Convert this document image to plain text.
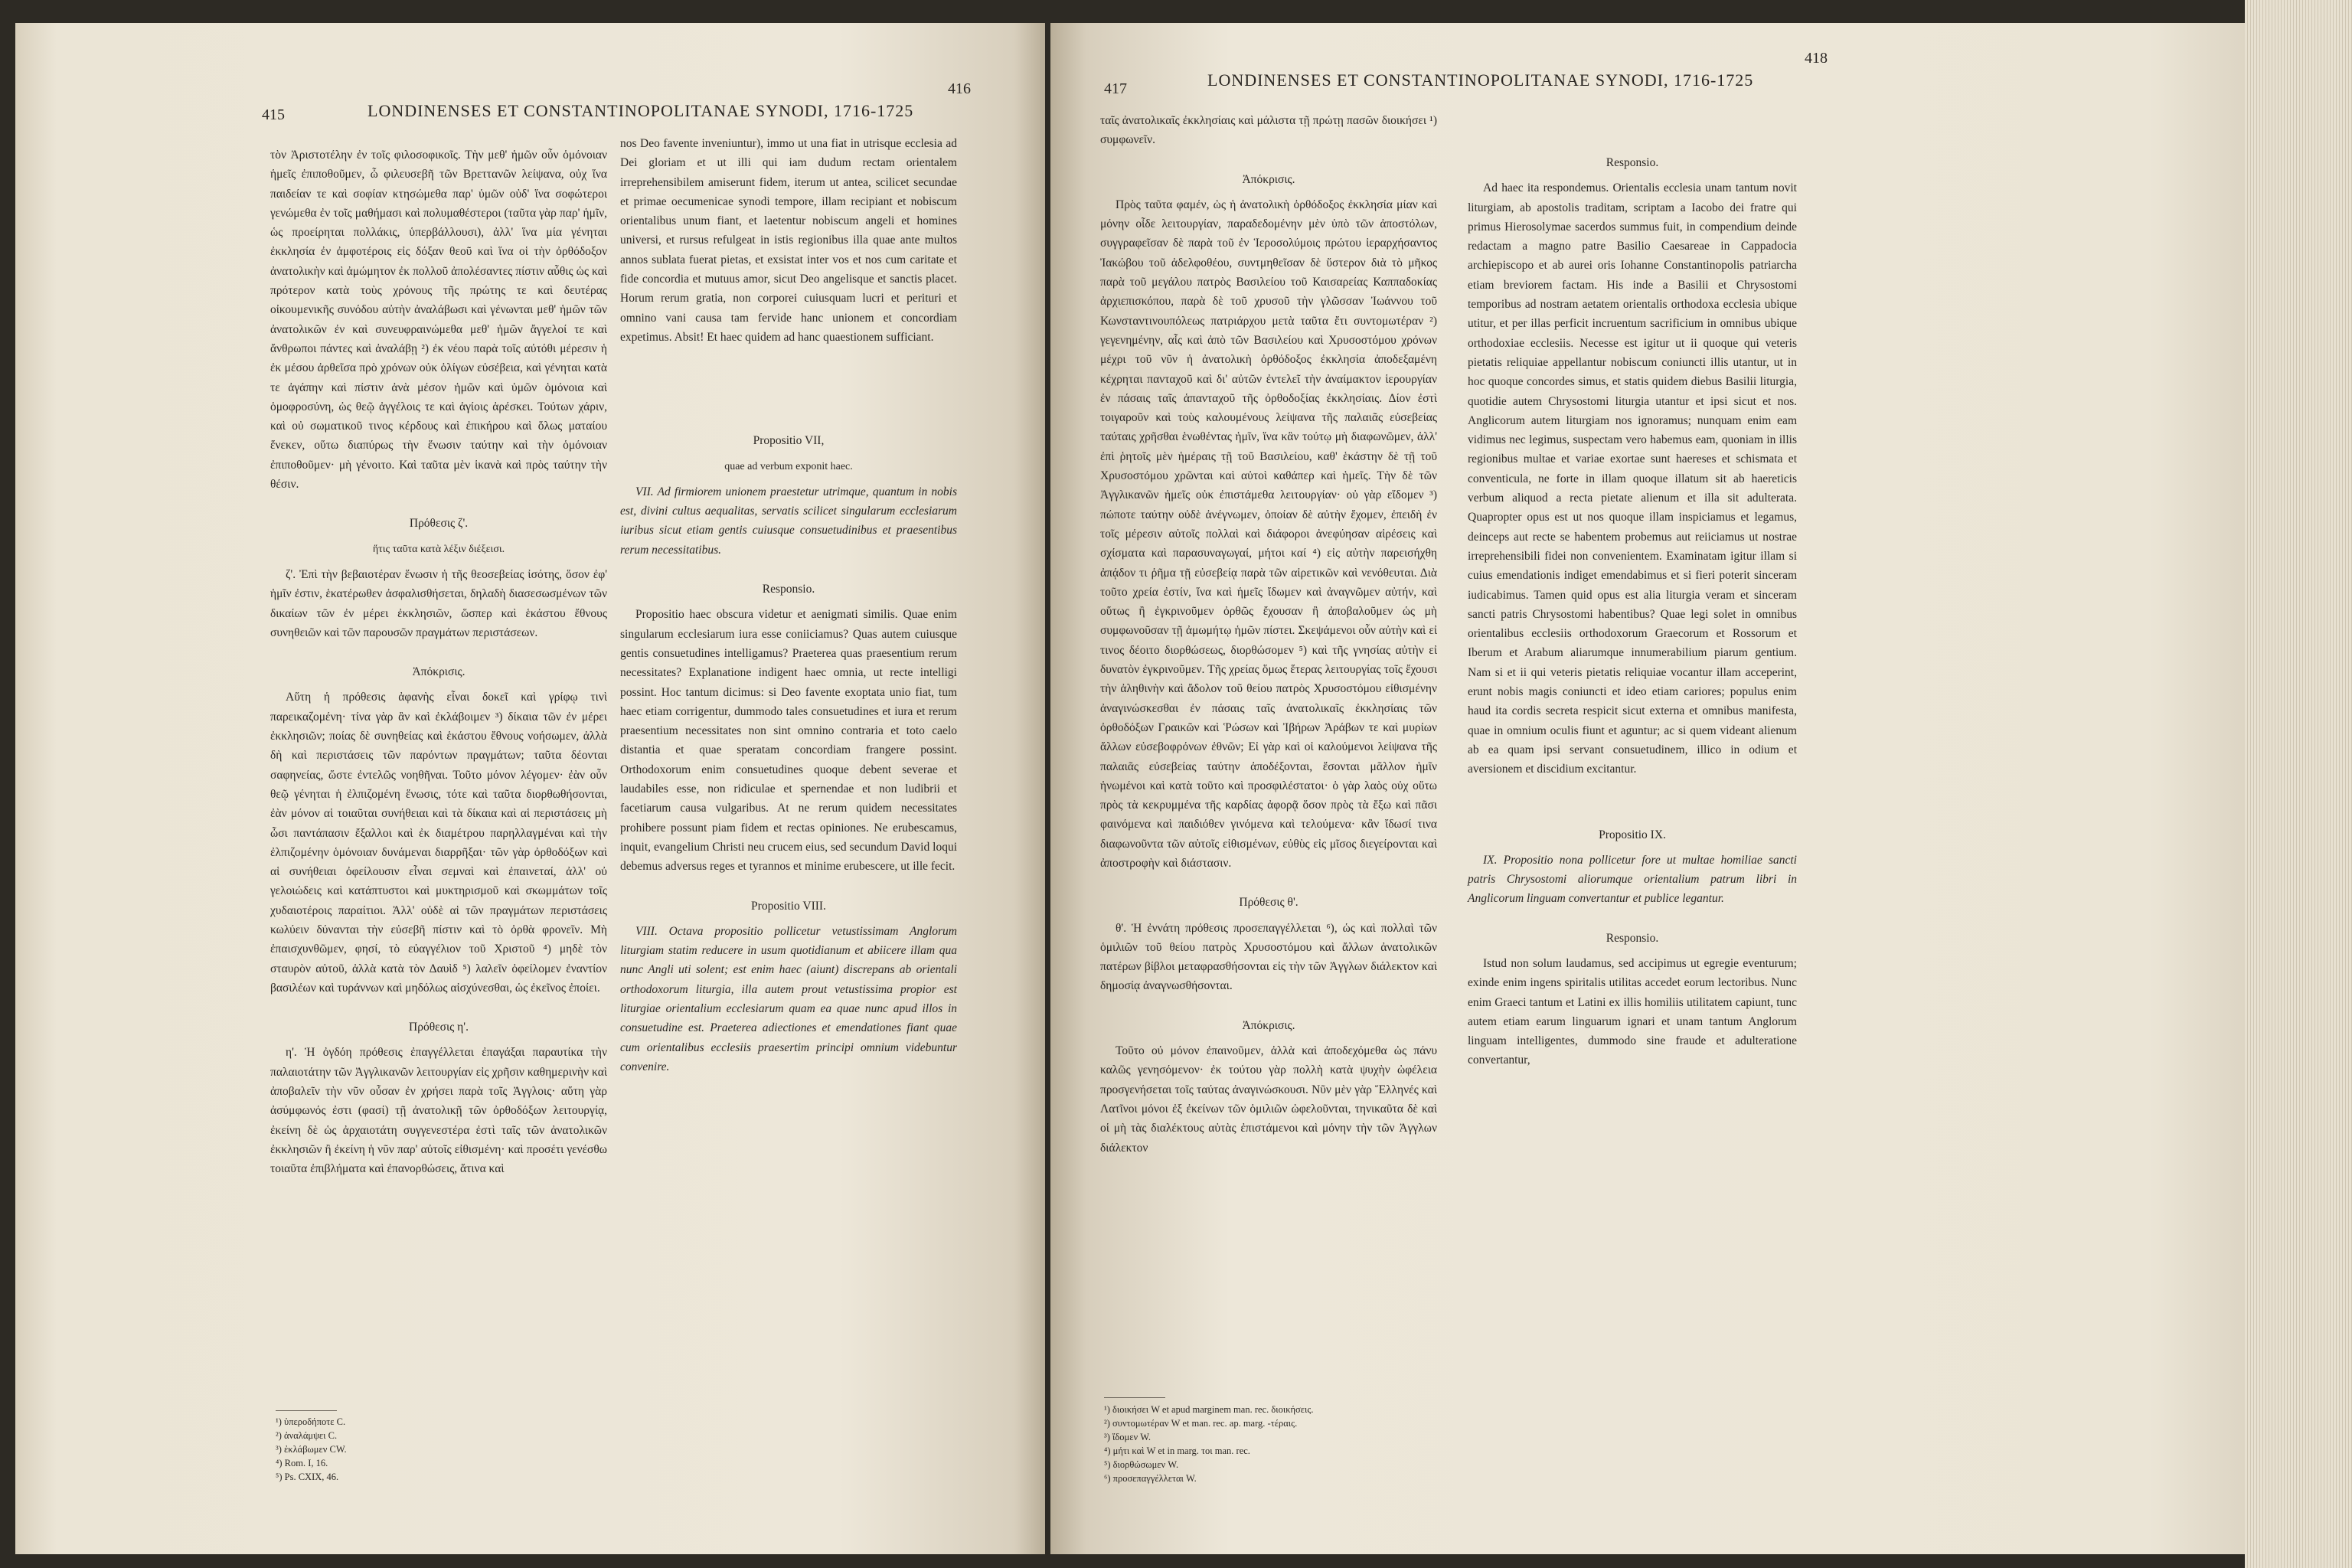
415	LONDINENSES ET CONSTANTINOPOLITANAE SYNODI, 1716-1725
416

τὸν Ἀριστοτέλην ἐν τοῖς φιλοσοφικοῖς. Τὴν μεθ' ἡμῶν οὖν ὁμόνοιαν ἡμεῖς ἐπιποθοῦμεν, ὦ φιλευσεβῆ τῶν Βρεττανῶν λείψανα, οὐχ ἵνα παιδείαν τε καὶ σοφίαν κτησώμεθα παρ' ὑμῶν οὐδ' ἵνα σοφώτεροι γενώμεθα ἐν τοῖς μαθήμασι καὶ πολυμαθέστεροι (ταῦτα γὰρ παρ' ἡμῖν, ὡς προείρηται πολλάκις, ὑπερβάλλουσι), ἀλλ' ἵνα μία γένηται ἐκκλησία ἐν ἀμφοτέροις εἰς δόξαν θεοῦ καὶ ἵνα οἱ τὴν ὀρθόδοξον ἀνατολικὴν καὶ ἀμώμητον ἐκ πολλοῦ ἀπολέσαντες πίστιν αὖθις ὡς καὶ πρότερον κατὰ τοὺς χρόνους τῆς πρώτης τε καὶ δευτέρας οἰκουμενικῆς συνόδου αὐτὴν ἀναλάβωσι καὶ γένωνται μεθ' ἡμῶν τῶν ἀνατολικῶν ἐν καὶ συνευφραινώμεθα μεθ' ἡμῶν ἄγγελοί τε καὶ ἄνθρωποι πάντες καὶ ἀναλάβῃ ²) ἐκ νέου παρὰ τοῖς αὐτόθι μέρεσιν ἡ ἐκ μέσου ἀρθεῖσα πρὸ χρόνων οὐκ ὀλίγων εὐσέβεια, καὶ γένηται κατὰ τε ἀγάπην καὶ πίστιν ἀνὰ μέσον ἡμῶν καὶ ὑμῶν ὁμόνοια καὶ ὁμοφροσύνη, ὡς θεῷ ἀγγέλοις τε καὶ ἁγίοις ἀρέσκει. Τούτων χάριν, καὶ οὐ σωματικοῦ τινος κέρδους καὶ ἐπικήρου καὶ ὅλως ματαίου ἕνεκεν, οὕτω διαπύρως τὴν ἕνωσιν ταύτην καὶ τὴν ὁμόνοιαν ἐπιποθοῦμεν· μὴ γένοιτο. Καὶ ταῦτα μὲν ἱκανὰ καὶ πρὸς ταύτην τὴν θέσιν.

Πρόθεσις ζ'.
ἥτις ταῦτα κατὰ λέξιν διέξεισι.

ζ'. Ἐπὶ τὴν βεβαιοτέραν ἕνωσιν ἡ τῆς θεοσεβείας ἰσότης, ὅσον ἐφ' ἡμῖν ἐστιν, ἑκατέρωθεν ἀσφαλισθήσεται, δηλαδὴ διασεσωσμένων τῶν δικαίων τῶν ἐν μέρει ἐκκλησιῶν, ὥσπερ καὶ ἑκάστου ἔθνους συνηθειῶν καὶ τῶν παρουσῶν πραγμάτων περιστάσεων.

Ἀπόκρισις.

Αὕτη ἡ πρόθεσις ἀφανὴς εἶναι δοκεῖ καὶ γρίφῳ τινὶ παρεικαζομένη· τίνα γὰρ ἂν καὶ ἐκλάβοιμεν ³) δίκαια τῶν ἐν μέρει ἐκκλησιῶν; ποίας δὲ συνηθείας καὶ ἑκάστου ἔθνους νοήσωμεν, ἀλλὰ δὴ καὶ περιστάσεις τῶν παρόντων πραγμάτων; ταῦτα δέονται σαφηνείας, ὥστε ἐντελῶς νοηθῆναι. Τοῦτο μόνον λέγομεν· ἐὰν οὖν θεῷ γένηται ἡ ἐλπιζομένη ἕνωσις, τότε καὶ ταῦτα διορθωθήσονται, ἐὰν μόνον αἱ τοιαῦται συνήθειαι καὶ τὰ δίκαια καὶ αἱ περιστάσεις μὴ ὦσι παντάπασιν ἔξαλλοι καὶ ἐκ διαμέτρου παρηλλαγμέναι καὶ τὴν ἐλπιζομένην ὁμόνοιαν δυνάμεναι διαρρῆξαι· τῶν γὰρ ὀρθοδόξων καὶ αἱ συνήθειαι ὀφείλουσιν εἶναι σεμναὶ καὶ ἐπαινεταί, ἀλλ' οὐ γελοιώδεις καὶ κατάπτυστοι καὶ μυκτηρισμοῦ καὶ σκωμμάτων τοῖς χυδαιοτέροις παραίτιοι. Ἀλλ' οὐδὲ αἱ τῶν πραγμάτων περιστάσεις κωλύειν δύνανται τὴν εὐσεβῆ πίστιν καὶ τὸ ὀρθὰ φρονεῖν. Μὴ ἐπαισχυνθῶμεν, φησί, τὸ εὐαγγέλιον τοῦ Χριστοῦ ⁴) μηδὲ τὸν σταυρὸν αὐτοῦ, ἀλλὰ κατὰ τὸν Δαυὶδ ⁵) λαλεῖν ὀφείλομεν ἐναντίον βασιλέων καὶ τυράννων καὶ μηδόλως αἰσχύνεσθαι, ὡς ἐκεῖνος ἐποίει.

Πρόθεσις η'.

η'. Ἡ ὀγδόη πρόθεσις ἐπαγγέλλεται ἐπαγάξαι παραυτίκα τὴν παλαιοτάτην τῶν Ἀγγλικανῶν λειτουργίαν εἰς χρῆσιν καθημερινὴν καὶ ἀποβαλεῖν τὴν νῦν οὖσαν ἐν χρήσει παρὰ τοῖς Ἀγγλοις· αὕτη γὰρ ἀσύμφωνός ἐστι (φασί) τῇ ἀνατολικῇ τῶν ὀρθοδόξων λειτουργίᾳ, ἐκείνη δὲ ὡς ἀρχαιοτάτη συγγενεστέρα ἐστὶ ταῖς τῶν ἀνατολικῶν ἐκκλησιῶν ἢ ἐκείνη ἡ νῦν παρ' αὐτοῖς εἰθισμένη· καὶ προσέτι γενέσθω τοιαῦτα ἐπιβλήματα καὶ ἐπανορθώσεις, ἅτινα καὶ

nos Deo favente inveniuntur), immo ut una fiat in utrisque ecclesia ad Dei gloriam et ut illi qui iam dudum rectam orientalem irreprehensibilem amiserunt fidem, iterum ut antea, scilicet secundae et primae oecumenicae synodi tempore, illam recipiant et nobiscum orientalibus unum fiant, et laetentur nobiscum angeli et homines universi, et rursus refulgeat in istis regionibus illa quae ante multos annos sublata fuerat pietas, et exsistat inter vos et nos cum caritate et fide concordia et mutuus amor, sicut Deo angelisque et sanctis placet. Horum rerum gratia, non corporei cuiusquam lucri et perituri et omnino vani causa tam fervide hanc unionem et concordiam expetimus. Absit! Et haec quidem ad hanc quaestionem sufficiant.

Propositio VII,
quae ad verbum exponit haec.

VII. Ad firmiorem unionem praestetur utrimque, quantum in nobis est, divini cultus aequalitas, servatis scilicet singularum ecclesiarum iuribus sicut etiam gentis cuiusque consuetudinibus et praesentibus rerum necessitatibus.

Responsio.

Propositio haec obscura videtur et aenigmati similis. Quae enim singularum ecclesiarum iura esse coniiciamus? Quas autem cuiusque gentis consuetudines intelligamus? Praeterea quas praesentium rerum necessitates? Explanatione indigent haec omnia, ut recte intelligi possint. Hoc tantum dicimus: si Deo favente exoptata unio fiat, tum haec etiam corrigentur, dummodo tales consuetudines et iura et rerum praesentium necessitates non sint omnino contraria et toto caelo distantia et quae speratam concordiam frangere possint. Orthodoxorum enim consuetudines quoque debent severae et laudabiles esse, non ridiculae et spernendae et non ludibrii et facetiarum causa vulgaribus. At ne rerum quidem necessitates prohibere possunt piam fidem et rectas opiniones. Ne erubescamus, inquit, evangelium Christi neu crucem eius, sed secundum David loqui debemus adversus reges et tyrannos et minime erubescere, ut ille fecit.

Propositio VIII.

VIII. Octava propositio pollicetur vetustissimam Anglorum liturgiam statim reducere in usum quotidianum et abiicere illam qua nunc Angli uti solent; est enim haec (aiunt) discrepans ab orientali orthodoxorum liturgia, illa autem prout vetustissima propior est liturgiae orientalium ecclesiarum quam ea quae nunc apud illos in consuetudine est. Praeterea adiectiones et emendationes fiant quae cum orientalibus ecclesiis praesertim principi omnium videbuntur convenire.

¹) ὑπεροδήποτε C.
²) ἀναλάμψει C.
³) ἐκλάβωμεν CW.
⁴) Rom. I, 16.
⁵) Ps. CXIX, 46.
417	LONDINENSES ET CONSTANTINOPOLITANAE SYNODI, 1716-1725
418

ταῖς ἀνατολικαῖς ἐκκλησίαις καὶ μάλιστα τῇ πρώτῃ πασῶν διοικήσει ¹) συμφωνεῖν.

Ἀπόκρισις.

Πρὸς ταῦτα φαμέν, ὡς ἡ ἀνατολικὴ ὀρθόδοξος ἐκκλησία μίαν καὶ μόνην οἶδε λειτουργίαν, παραδεδομένην μὲν ὑπὸ τῶν ἀποστόλων, συγγραφεῖσαν δὲ παρὰ τοῦ ἐν Ἱεροσολύμοις πρώτου ἱεραρχήσαντος Ἰακώβου τοῦ ἀδελφοθέου, συντμηθεῖσαν δὲ ὕστερον διὰ τὸ μῆκος παρὰ τοῦ μεγάλου πατρὸς Βασιλείου τοῦ Καισαρείας Καππαδοκίας ἀρχιεπισκόπου, παρὰ δὲ τοῦ χρυσοῦ τὴν γλῶσσαν Ἰωάννου τοῦ Κωνσταντινουπόλεως πατριάρχου μετὰ ταῦτα ἔτι συντομωτέραν ²) γεγενημένην, αἷς καὶ ἀπὸ τῶν Βασιλείου καὶ Χρυσοστόμου χρόνων μέχρι τοῦ νῦν ἡ ἀνατολικὴ ὀρθόδοξος ἐκκλησία ἀποδεξαμένη κέχρηται πανταχοῦ καὶ δι' αὐτῶν ἐντελεῖ τὴν ἀναίμακτον ἱερουργίαν ἐν πάσαις ταῖς ἁπανταχοῦ τῆς ὀρθοδοξίας ἐκκλησίαις. Δίον ἐστὶ τοιγαροῦν καὶ τοὺς καλουμένους λείψανα τῆς παλαιᾶς εὐσεβείας ταύταις χρῆσθαι ἑνωθέντας ἡμῖν, ἵνα κἂν τούτῳ μὴ διαφωνῶμεν, ἀλλ' ἐπὶ ῥητοῖς μὲν ἡμέραις τῇ τοῦ Βασιλείου, καθ' ἑκάστην δὲ τῇ τοῦ Χρυσοστόμου χρῶνται καὶ αὐτοὶ καθάπερ καὶ ἡμεῖς. Τὴν δὲ τῶν Ἀγγλικανῶν ἡμεῖς οὐκ ἐπιστάμεθα λειτουργίαν· οὐ γὰρ εἴδομεν ³) πώποτε ταύτην οὐδὲ ἀνέγνωμεν, ὁποίαν δὲ αὐτὴν ἔχομεν, ἐπειδὴ ἐν τοῖς μέρεσιν αὐτοῖς πολλαὶ καὶ διάφοροι ἀνεφύησαν αἱρέσεις καὶ σχίσματα καὶ παρασυναγωγαί, μήτοι καί ⁴) εἰς αὐτὴν παρεισήχθη ἀπᾴδον τι ῥῆμα τῇ εὐσεβείᾳ παρὰ τῶν αἱρετικῶν καὶ νενόθευται. Διὰ τοῦτο χρεία ἐστίν, ἵνα καὶ ἡμεῖς ἴδωμεν καὶ ἀναγνῶμεν αὐτήν, καὶ οὕτως ἢ ἐγκρινοῦμεν ὀρθῶς ἔχουσαν ἢ ἀποβαλοῦμεν ὡς μὴ συμφωνοῦσαν τῇ ἀμωμήτῳ ἡμῶν πίστει. Σκεψάμενοι οὖν αὐτὴν καὶ εἰ τινος δέοιτο διορθώσεως, διορθώσομεν ⁵) καὶ τῆς γνησίας αὐτὴν εἰ δυνατὸν ἐγκρινοῦμεν. Τῆς χρείας ὅμως ἕτερας λειτουργίας τοῖς ἔχουσι τὴν ἀληθινὴν καὶ ἄδολον τοῦ θείου πατρὸς Χρυσοστόμου εἰθισμένην ἀναγινώσκεσθαι ἐν πάσαις ταῖς ἀνατολικαῖς ἐκκλησίαις τῶν ὀρθοδόξων Γραικῶν καὶ Ῥώσων καὶ Ἰβήρων Ἀράβων τε καὶ μυρίων ἄλλων εὐσεβοφρόνων ἐθνῶν; Εἰ γὰρ καὶ οἱ καλούμενοι λείψανα τῆς παλαιᾶς εὐσεβείας ταύτην ἀποδέξονται, ἔσονται μᾶλλον ἡμῖν ἡνωμένοι καὶ κατὰ τοῦτο καὶ προσφιλέστατοι· ὁ γὰρ λαὸς οὐχ οὕτω πρὸς τὰ κεκρυμμένα τῆς καρδίας ἀφορᾷ ὅσον πρὸς τὰ ἔξω καὶ πᾶσι φαινόμενα καὶ παιδιόθεν γινόμενα καὶ τελούμενα· κἂν ἴδωσί τινα διαφωνοῦντα τῶν αὐτοῖς εἰθισμένων, εὐθὺς εἰς μῖσος διεγείρονται καὶ ἀποστροφὴν καὶ διάστασιν.

Πρόθεσις θ'.

θ'. Ἡ ἐννάτη πρόθεσις προσεπαγγέλλεται ⁶), ὡς καὶ πολλαὶ τῶν ὁμιλιῶν τοῦ θείου πατρὸς Χρυσοστόμου καὶ ἄλλων ἀνατολικῶν πατέρων βίβλοι μεταφρασθήσονται εἰς τὴν τῶν Ἀγγλων διάλεκτον καὶ δημοσίᾳ ἀναγνωσθήσονται.

Ἀπόκρισις.

Τοῦτο οὐ μόνον ἐπαινοῦμεν, ἀλλὰ καὶ ἀποδεχόμεθα ὡς πάνυ καλῶς γενησόμενον· ἐκ τούτου γὰρ πολλὴ κατὰ ψυχὴν ὠφέλεια προσγενήσεται τοῖς ταύτας ἀναγινώσκουσι. Νῦν μὲν γὰρ Ἕλληνές καὶ Λατῖνοι μόνοι ἐξ ἐκείνων τῶν ὁμιλιῶν ὠφελοῦνται, τηνικαῦτα δὲ καὶ οἱ μὴ τὰς διαλέκτους αὐτὰς ἐπιστάμενοι καὶ μόνην τὴν τῶν Ἀγγλων διάλεκτον

Responsio.

Ad haec ita respondemus. Orientalis ecclesia unam tantum novit liturgiam, ab apostolis traditam, scriptam a Iacobo dei fratre qui primus Hierosolymae sacerdos summus fuit, in compendium deinde redactam a magno patre Basilio Caesareae in Cappadocia archiepiscopo et ab aurei oris Iohanne Constantinopolis patriarcha etiam breviorem factam. His inde a Basilii et Chrysostomi temporibus ad nostram aetatem orientalis orthodoxa ecclesia ubique utitur, et per illas perficit incruentum sacrificium in omnibus ubique orthodoxiae ecclesiis. Necesse est igitur ut ii quoque qui veteris pietatis reliquiae appellantur nobiscum coniuncti illis utantur, ut in hoc quoque concordes simus, et statis quidem diebus Basilii liturgia, quotidie autem Chrysostomi liturgia utantur et ipsi sicut et nos. Anglicorum autem liturgiam nos ignoramus; nunquam enim eam vidimus nec legimus, suspectam vero habemus eam, quoniam in illis regionibus multae et variae exortae sunt haereses et schismata et conventicula, ne forte in illam quoque illatum sit ab haereticis verbum aliquod a recta pietate alienum et illa sit adulterata. Quapropter opus est ut nos quoque illam inspiciamus et legamus, deinceps aut recte se habentem probemus aut reiiciamus ut nostrae irreprehensibili fidei non convenientem. Examinatam igitur illam si cuius emendationis indiget emendabimus et si fieri poterit sinceram iudicabimus. Tamen quid opus est alia liturgia veram et sinceram sancti patris Chrysostomi habentibus? Quae legi solet in omnibus orientalibus ecclesiis orthodoxorum Graecorum et Rossorum et Iberum et Arabum aliarumque innumerabilium piarum gentium. Nam si et ii qui veteris pietatis reliquiae vocantur illam acceperint, erunt nobis magis coniuncti et ideo etiam cariores; populus enim haud ita cordis secreta respicit sicut externa et omnibus manifesta, quae in omnium oculis fiunt et aguntur; ac si quem videant alienum ab ea quam ipsi servant consuetudinem, illico in odium et aversionem et discidium excitantur.

Propositio IX.

IX. Propositio nona pollicetur fore ut multae homiliae sancti patris Chrysostomi aliorumque orientalium patrum libri in Anglicorum linguam convertantur et publice legantur.

Responsio.

Istud non solum laudamus, sed accipimus ut egregie eventurum; exinde enim ingens spiritalis utilitas accedet eorum lectoribus. Nunc enim Graeci tantum et Latini ex illis homiliis utilitatem capiunt, tunc autem etiam earum linguarum ignari et unam tantum Anglorum linguam intelligentes, dummodo sine fraude et adulteratione convertantur,

¹) διοικήσει W et apud marginem man. rec. διοικήσεις.
²) συντομωτέραν W et man. rec. ap. marg. -τέραις.
³) ἴδομεν W.
⁴) μήτι καὶ W et in marg. τοι man. rec.
⁵) διορθώσωμεν W.
⁶) προσεπαγγέλλεται W.
